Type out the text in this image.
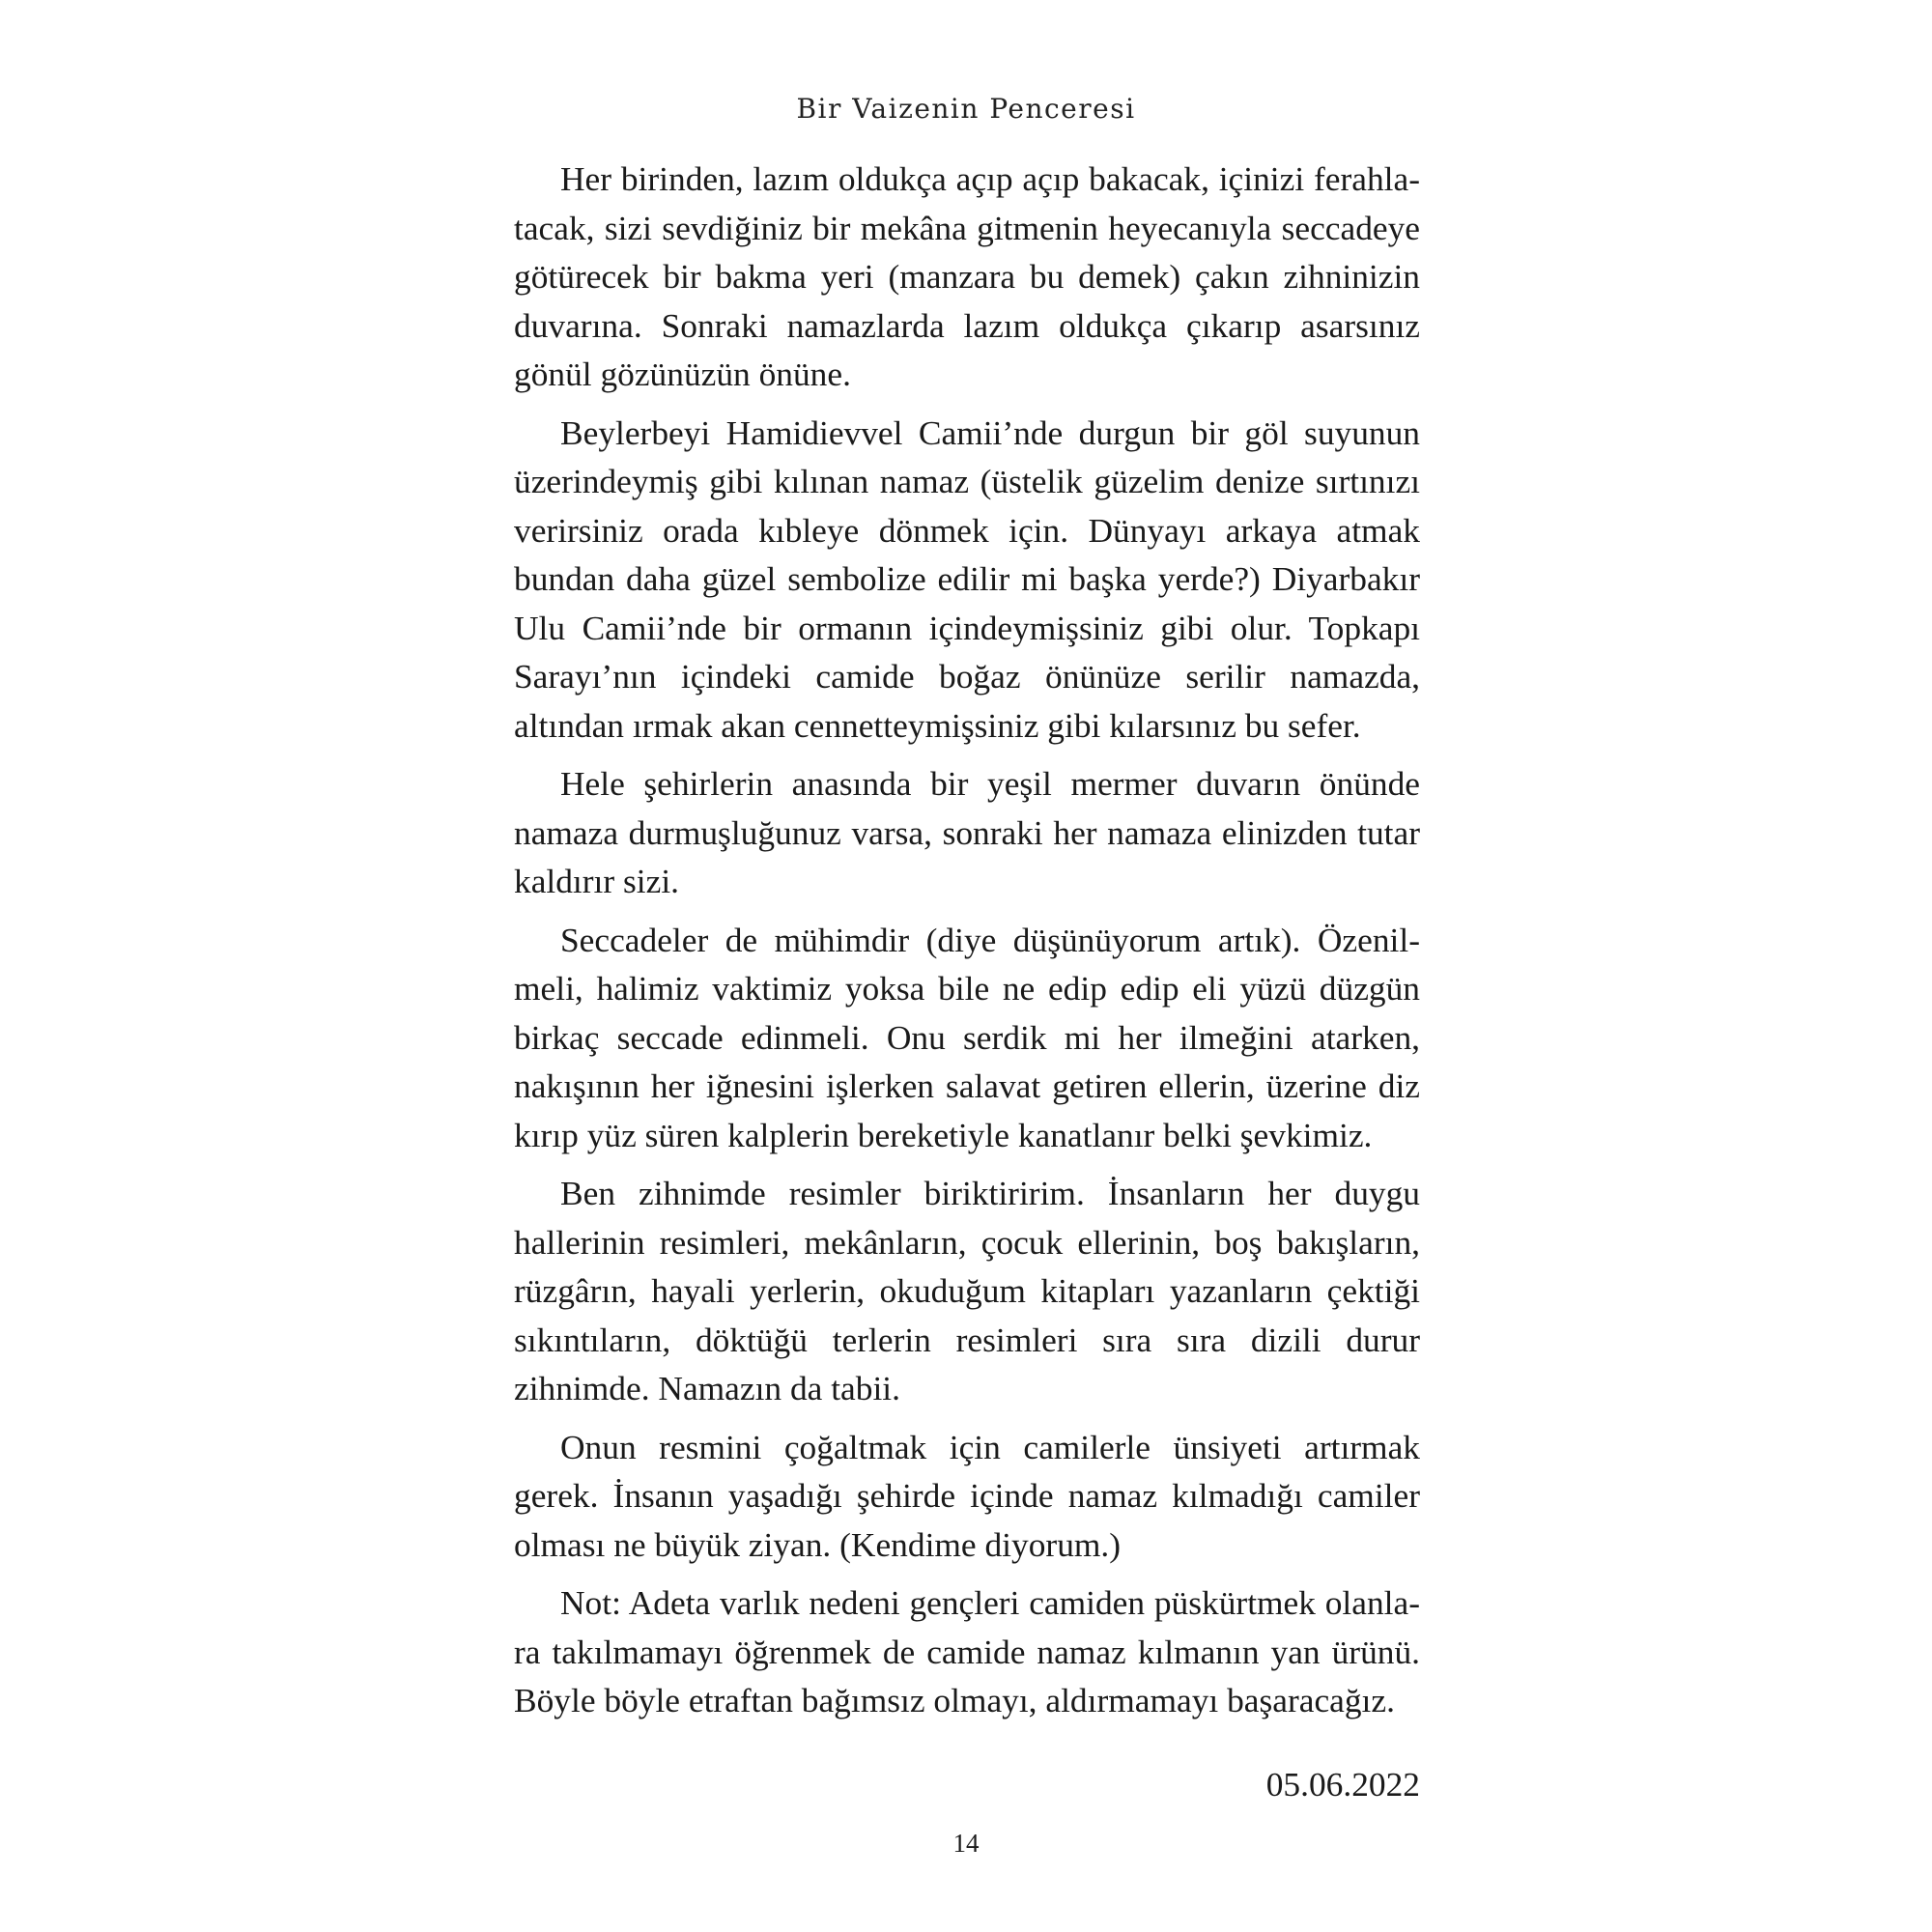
Bir Vaizenin Penceresi

Her birinden, lazım oldukça açıp açıp bakacak, içinizi ferahlatacak, sizi sevdiğiniz bir mekâna gitmenin heyecanıyla seccadeye götürecek bir bakma yeri (manzara bu demek) çakın zihninizin duvarına. Sonraki namazlarda lazım oldukça çıkarıp asarsınız gönül gözünüzün önüne.

Beylerbeyi Hamidievvel Camii’nde durgun bir göl suyunun üzerindeymiş gibi kılınan namaz (üstelik güzelim denize sırtınızı verirsiniz orada kıbleye dönmek için. Dünyayı arkaya atmak bundan daha güzel sembolize edilir mi başka yerde?) Diyarbakır Ulu Camii’nde bir ormanın içindeymişsiniz gibi olur. Topkapı Sarayı’nın içindeki camide boğaz önünüze serilir namazda, altından ırmak akan cennetteymişsiniz gibi kılarsınız bu sefer.

Hele şehirlerin anasında bir yeşil mermer duvarın önünde namaza durmuşluğunuz varsa, sonraki her namaza elinizden tutar kaldırır sizi.

Seccadeler de mühimdir (diye düşünüyorum artık). Özenilmeli, halimiz vaktimiz yoksa bile ne edip edip eli yüzü düzgün birkaç seccade edinmeli. Onu serdik mi her ilmeğini atarken, nakışının her iğnesini işlerken salavat getiren ellerin, üzerine diz kırıp yüz süren kalplerin bereketiyle kanatlanır belki şevkimiz.

Ben zihnimde resimler biriktiririm. İnsanların her duygu hallerinin resimleri, mekânların, çocuk ellerinin, boş bakışların, rüzgârın, hayali yerlerin, okuduğum kitapları yazanların çektiği sıkıntıların, döktüğü terlerin resimleri sıra sıra dizili durur zihnimde. Namazın da tabii.

Onun resmini çoğaltmak için camilerle ünsiyeti artırmak gerek. İnsanın yaşadığı şehirde içinde namaz kılmadığı camiler olması ne büyük ziyan. (Kendime diyorum.)

Not: Adeta varlık nedeni gençleri camiden püskürtmek olanlara takılmamayı öğrenmek de camide namaz kılmanın yan ürünü. Böyle böyle etraftan bağımsız olmayı, aldırmamayı başaracağız.

05.06.2022
14
